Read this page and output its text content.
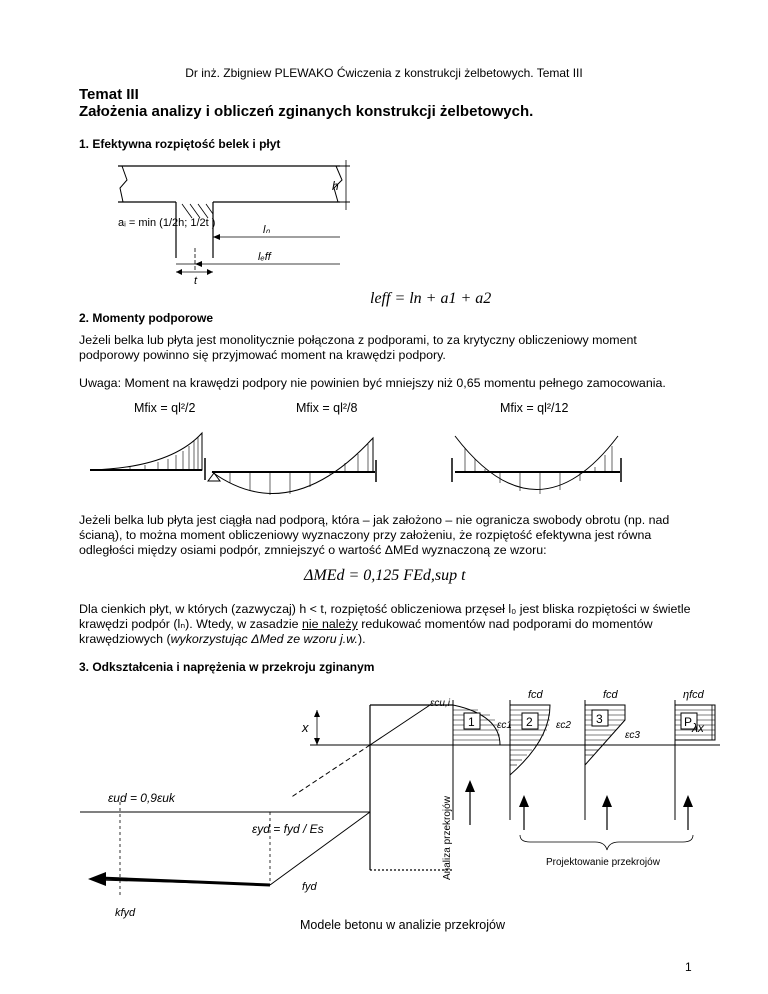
Dr inż. Zbigniew PLEWAKO Ćwiczenia z konstrukcji żelbetowych. Temat III
Temat III
Założenia analizy i obliczeń zginanych konstrukcji żelbetowych.
1. Efektywna rozpiętość belek i płyt
h
aᵢ = min (1/2h; 1/2t )
lₙ
lₑff
t
leff = ln + a1 + a2
2. Momenty podporowe
Jeżeli belka lub płyta jest monolitycznie połączona z podporami, to za krytyczny obliczeniowy moment podporowy powinno się przyjmować moment na krawędzi podpory.
Uwaga: Moment na krawędzi podpory nie powinien być mniejszy niż 0,65 momentu pełnego zamocowania.
Mfix = ql²/2	Mfix = ql²/8	Mfix = ql²/12
Jeżeli belka lub płyta jest ciągła nad podporą, która – jak założono – nie ogranicza swobody obrotu (np. nad ścianą), to można moment obliczeniowy wyznaczony przy założeniu, że rozpiętość efektywna jest równa odległości między osiami podpór, zmniejszyć o wartość ΔMEd wyznaczoną ze wzoru:
ΔMEd = 0,125 FEd,sup t
Dla cienkich płyt, w których (zazwyczaj) h < t, rozpiętość obliczeniowa przęseł l₀ jest bliska rozpiętości w świetle krawędzi podpór (lₙ). Wtedy, w zasadzie nie należy redukować momentów nad podporami do momentów krawędziowych (wykorzystując ΔMed ze wzoru j.w.).
3. Odkształcenia i naprężenia w przekroju zginanym
x
εcu,i
1 εc1
fcd
2 εc2 3
εc3
fcd
P
ηfcd
λx
Projektowanie przekrojów
εud = 0,9εuk
εyd = fyd / Es
fyd
kfyd
Analiza przekrojów
Modele betonu w analizie przekrojów
1
